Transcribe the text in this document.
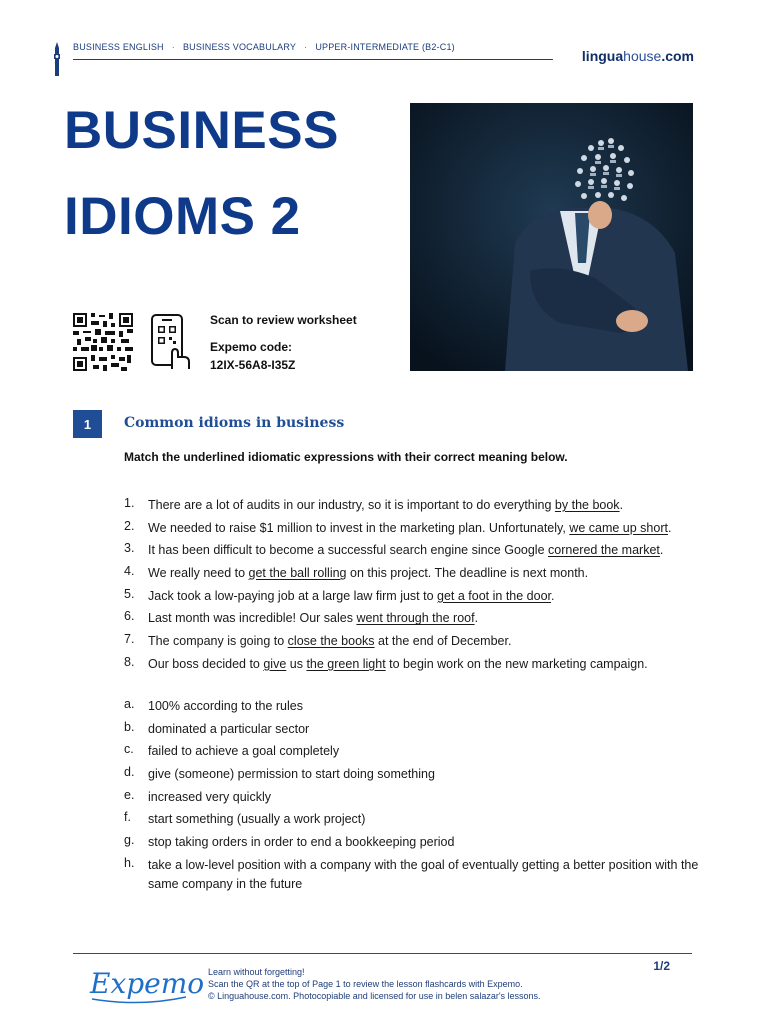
BUSINESS ENGLISH · BUSINESS VOCABULARY · UPPER-INTERMEDIATE (B2-C1)
linguahouse.com
BUSINESS
IDIOMS 2
Scan to review worksheet
Expemo code:
12IX-56A8-I35Z
1	Common idioms in business
Match the underlined idiomatic expressions with their correct meaning below.
1.	There are a lot of audits in our industry, so it is important to do everything by the book.
2.	We needed to raise $1 million to invest in the marketing plan. Unfortunately, we came up short.
3.	It has been difficult to become a successful search engine since Google cornered the market.
4.	We really need to get the ball rolling on this project. The deadline is next month.
5.	Jack took a low-paying job at a large law firm just to get a foot in the door.
6.	Last month was incredible! Our sales went through the roof.
7.	The company is going to close the books at the end of December.
8.	Our boss decided to give us the green light to begin work on the new marketing campaign.
a.	100% according to the rules
b.	dominated a particular sector
c.	failed to achieve a goal completely
d.	give (someone) permission to start doing something
e.	increased very quickly
f.	start something (usually a work project)
g.	stop taking orders in order to end a bookkeeping period
h.	take a low-level position with a company with the goal of eventually getting a better position with the same company in the future
Expemo Learn without forgetting!
Scan the QR at the top of Page 1 to review the lesson flashcards with Expemo.
© Linguahouse.com. Photocopiable and licensed for use in belen salazar's lessons.
1/2
